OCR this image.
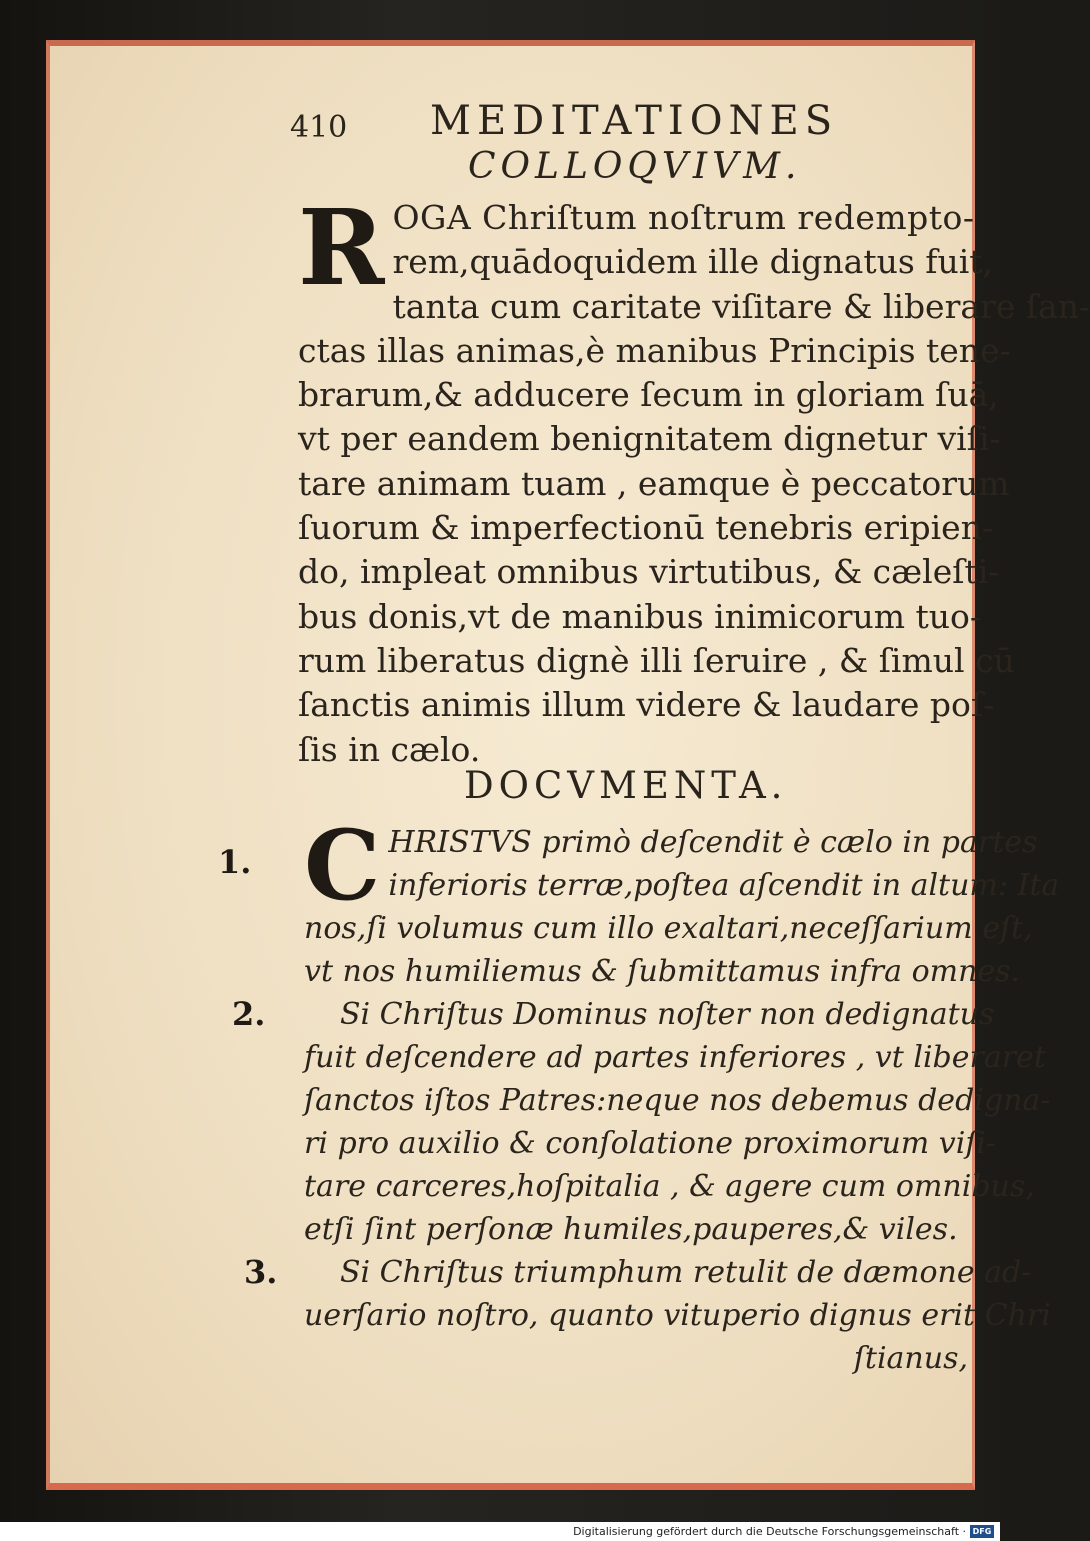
410 MEDITATIONES
COLLOQVIVM.
R OGA Chriſtum noſtrum redempto-
rem,quādoquidem ille dignatus fuit,
tanta cum caritate viſitare & liberare ſan-
ctas illas animas,è manibus Principis tene-
brarum,& adducere ſecum in gloriam ſuā,
vt per eandem benignitatem dignetur viſi-
tare animam tuam , eamque è peccatorum
ſuorum & imperfectionū tenebris eripien-
do, impleat omnibus virtutibus, & cæleſti-
bus donis,vt de manibus inimicorum tuo-
rum liberatus dignè illi ſeruire , & ſimul cū
ſanctis animis illum videre & laudare poſ-
ſis in cælo.
DOCVMENTA.
1. C HRISTVS primò deſcendit è cælo in partes
inferioris terræ,poſtea aſcendit in altum: Ita
nos,ſi volumus cum illo exaltari,neceſſarium eſt,
vt nos humiliemus & ſubmittamus infra omnes.
2.	Si Chriſtus Dominus noſter non dedignatus
fuit deſcendere ad partes inferiores , vt liberaret
ſanctos iſtos Patres:neque nos debemus dedigna-
ri pro auxilio & conſolatione proximorum viſi-
tare carceres,hoſpitalia , & agere cum omnibus,
etſi ſint perſonæ humiles,pauperes,& viles.
3.	Si Chriſtus triumphum retulit de dæmone ad-
uerſario noſtro, quanto vituperio dignus erit Chri
ſtianus,
Digitalisierung gefördert durch die Deutsche Forschungsgemeinschaft · DFG
